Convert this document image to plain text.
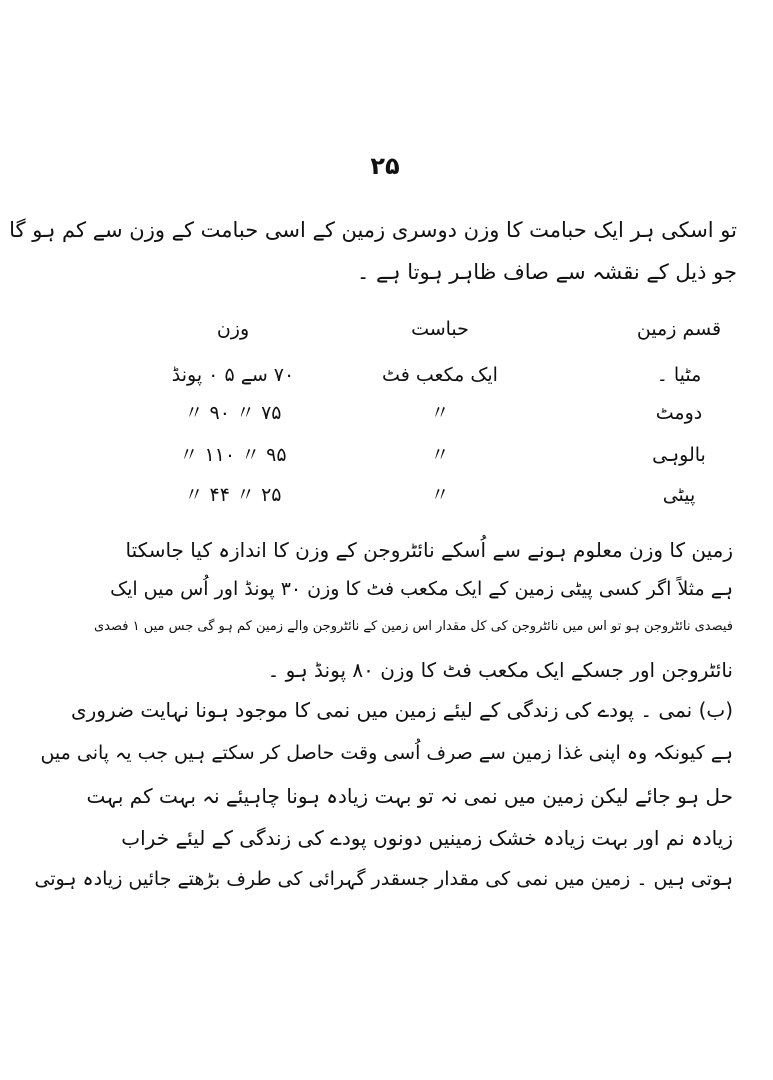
۲۵
تو اسکی ہر ایک حبامت کا وزن دوسری زمین کے اسی حبامت کے وزن سے کم ہو گا
جو ذیل کے نقشہ سے صاف ظاہر ہوتا ہے ۔
قسم زمین
حباست
وزن
مٹیا ۔
ایک مکعب فٹ
۷۰ سے ۵ ۰ پونڈ
دومٹ
〃
۷۵ 〃 ۹۰ 〃
بالوہی
〃
۹۵ 〃 ۱۱۰ 〃
پیٹی
〃
۲۵ 〃 ۴۴ 〃
زمین کا وزن معلوم ہونے سے اُسکے نائٹروجن کے وزن کا اندازہ کیا جاسکتا
ہے مثلاً اگر کسی پیٹی زمین کے ایک مکعب فٹ کا وزن ۳۰ پونڈ اور اُس میں ایک
فیصدی نائٹروجن ہو تو اس میں نائٹروجن کی کل مقدار اس زمین کے نائٹروجن والے زمین کم ہو گی جس میں ۱ فصدی
نائٹروجن اور جسکے ایک مکعب فٹ کا وزن ۸۰ پونڈ ہو ۔
(ب) نمی ۔ پودے کی زندگی کے لیئے زمین میں نمی کا موجود ہونا نہایت ضروری
ہے کیونکہ وہ اپنی غذا زمین سے صرف اُسی وقت حاصل کر سکتے ہیں جب یہ پانی میں
حل ہو جائے لیکن زمین میں نمی نہ تو بہت زیادہ ہونا چاہیئے نہ بہت کم بہت
زیادہ نم اور بہت زیادہ خشک زمینیں دونوں پودے کی زندگی کے لیئے خراب
ہوتی ہیں ۔ زمین میں نمی کی مقدار جسقدر گہرائی کی طرف بڑھتے جائیں زیادہ ہوتی
